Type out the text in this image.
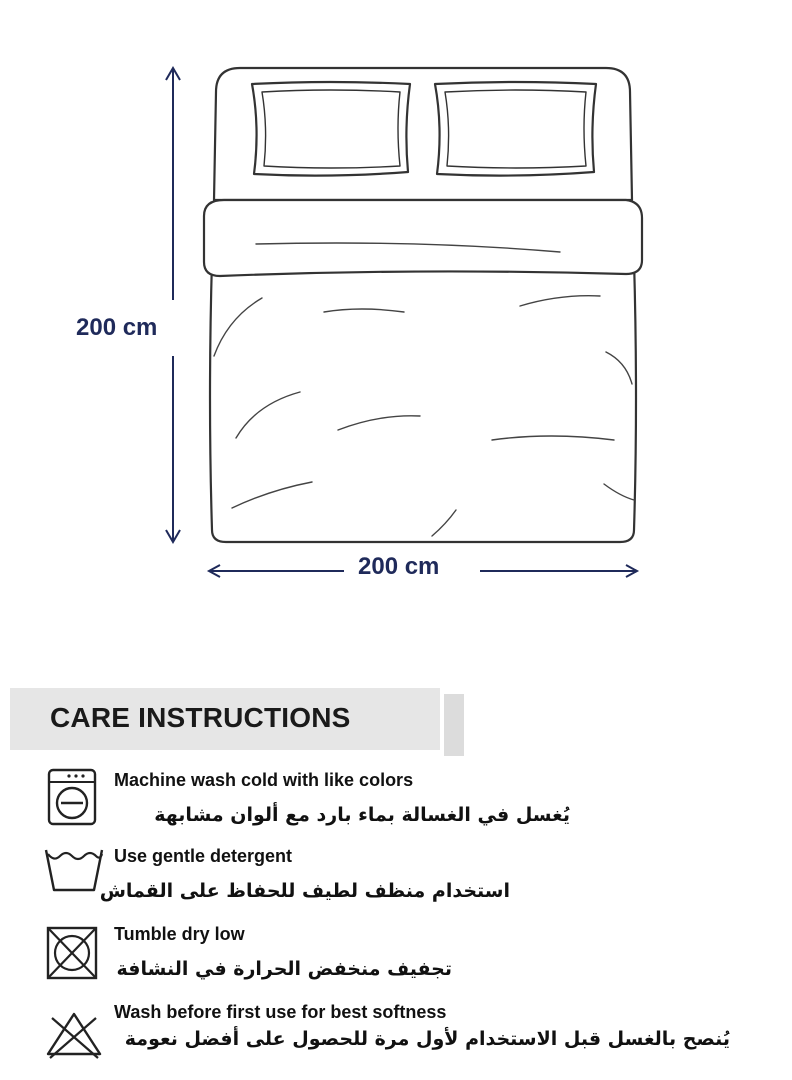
200 cm
200 cm
CARE INSTRUCTIONS
Machine wash cold with like colors
يُغسل في الغسالة بماء بارد مع ألوان مشابهة
Use gentle detergent
استخدام منظف لطيف للحفاظ على القماش
Tumble dry low
تجفيف منخفض الحرارة في النشافة
Wash before first use for best softness
يُنصح بالغسل قبل الاستخدام لأول مرة للحصول على أفضل نعومة
